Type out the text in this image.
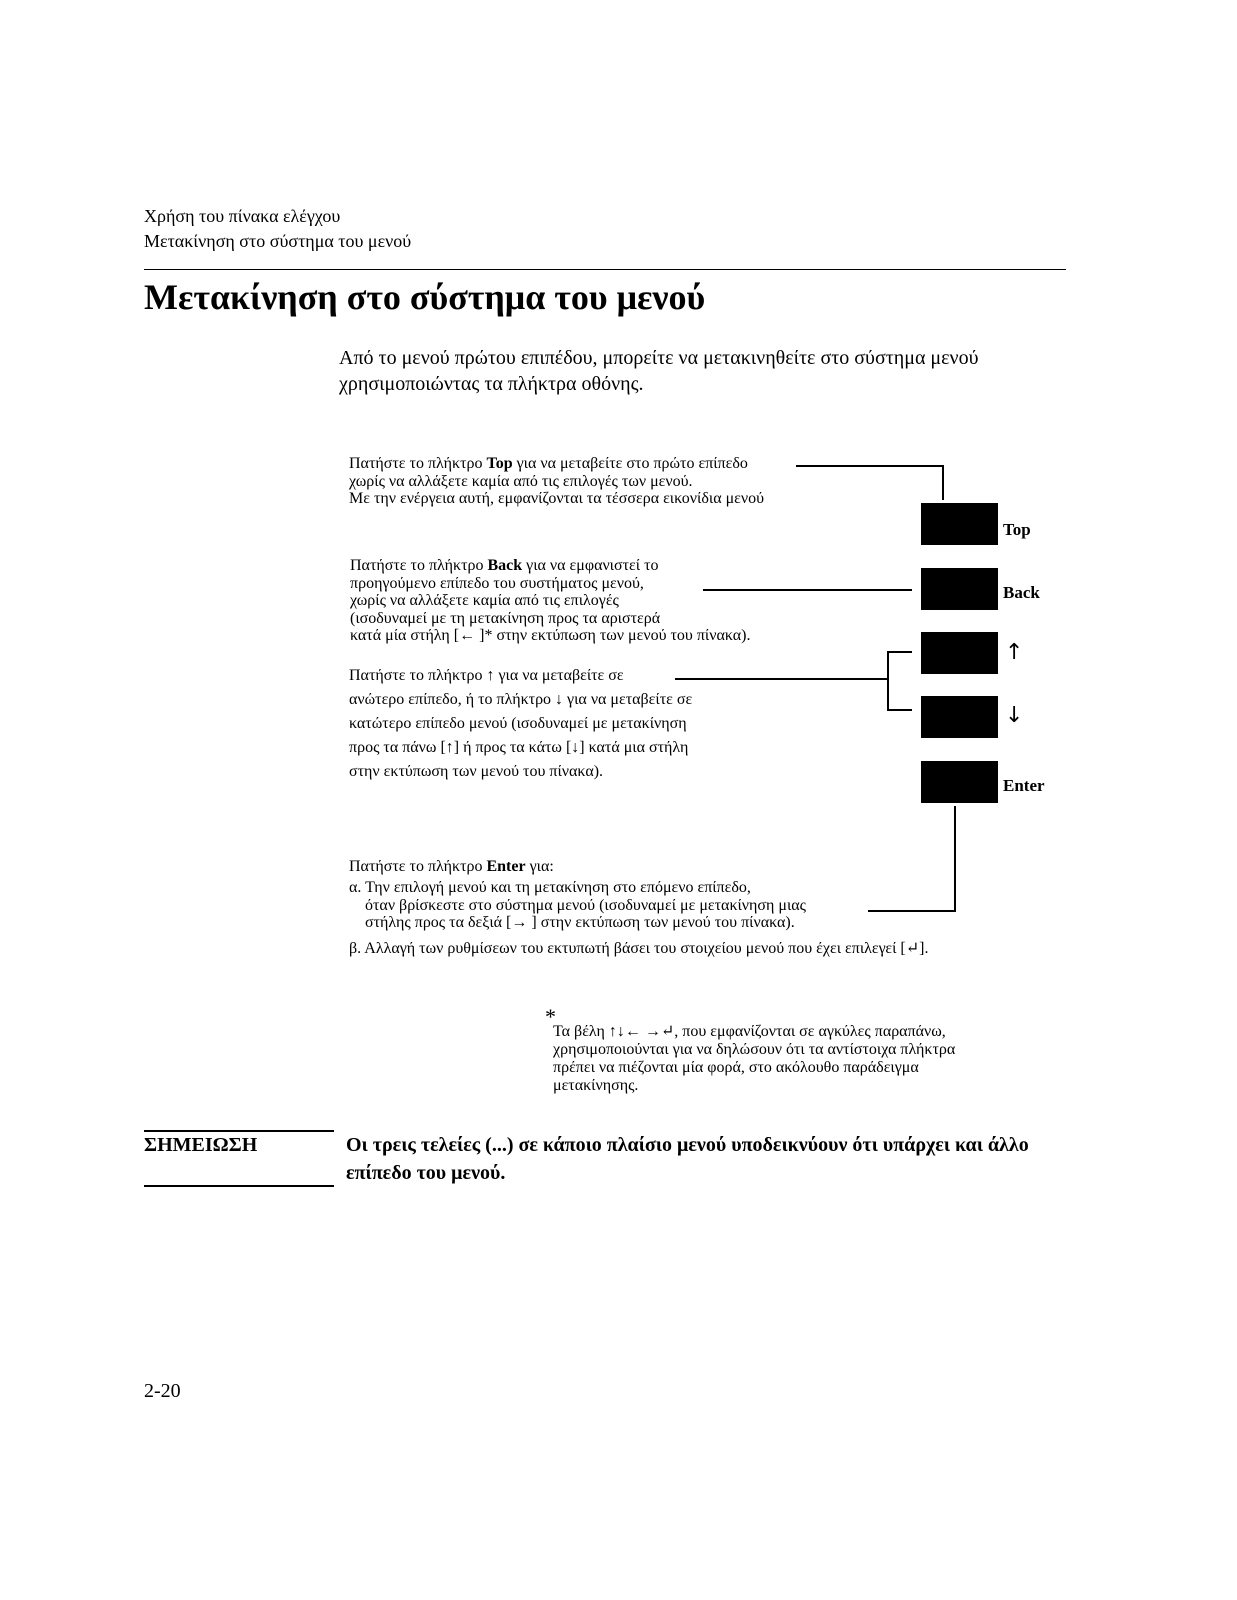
Χρήση του πίνακα ελέγχου
Μετακίνηση στο σύστημα του μενού
Μετακίνηση στο σύστημα του μενού

Από το μενού πρώτου επιπέδου, μπορείτε να μετακινηθείτε στο σύστημα μενού

χρησιμοποιώντας τα πλήκτρα οθόνης.

Πατήστε το πλήκτρο Top για να μεταβείτε στο πρώτο επίπεδο

χωρίς να αλλάξετε καμία από τις επιλογές των μενού.

Με την ενέργεια αυτή, εμφανίζονται τα τέσσερα εικονίδια μενού

Πατήστε το πλήκτρο Back για να εμφανιστεί το

προηγούμενο επίπεδο του συστήματος μενού,

χωρίς να αλλάξετε καμία από τις επιλογές

(ισοδυναμεί με τη μετακίνηση προς τα αριστερά

κατά μία στήλη [← ]* στην εκτύπωση των μενού του πίνακα).

Πατήστε το πλήκτρο ↑ για να μεταβείτε σε

ανώτερο επίπεδο, ή το πλήκτρο ↓ για να μεταβείτε σε

κατώτερο επίπεδο μενού (ισοδυναμεί με μετακίνηση

προς τα πάνω [↑] ή προς τα κάτω [↓] κατά μια στήλη

στην εκτύπωση των μενού του πίνακα).

Πατήστε το πλήκτρο Enter για:

α. Την επιλογή μενού και τη μετακίνηση στο επόμενο επίπεδο,

όταν βρίσκεστε στο σύστημα μενού (ισοδυναμεί με μετακίνηση μιας

στήλης προς τα δεξιά [→ ] στην εκτύπωση των μενού του πίνακα).

β. Αλλαγή των ρυθμίσεων του εκτυπωτή βάσει του στοιχείου μενού που έχει επιλεγεί [↵].

Top
Back
↑
↓
Enter
*

Τα βέλη ↑↓← →↵, που εμφανίζονται σε αγκύλες παραπάνω,

χρησιμοποιούνται για να δηλώσουν ότι τα αντίστοιχα πλήκτρα

πρέπει να πιέζονται μία φορά, στο ακόλουθο παράδειγμα

μετακίνησης.

ΣΗΜΕΙΩΣΗ	Οι τρεις τελείες (...) σε κάποιο πλαίσιο μενού υποδεικνύουν ότι υπάρχει και άλλο

επίπεδο του μενού.

2-20
